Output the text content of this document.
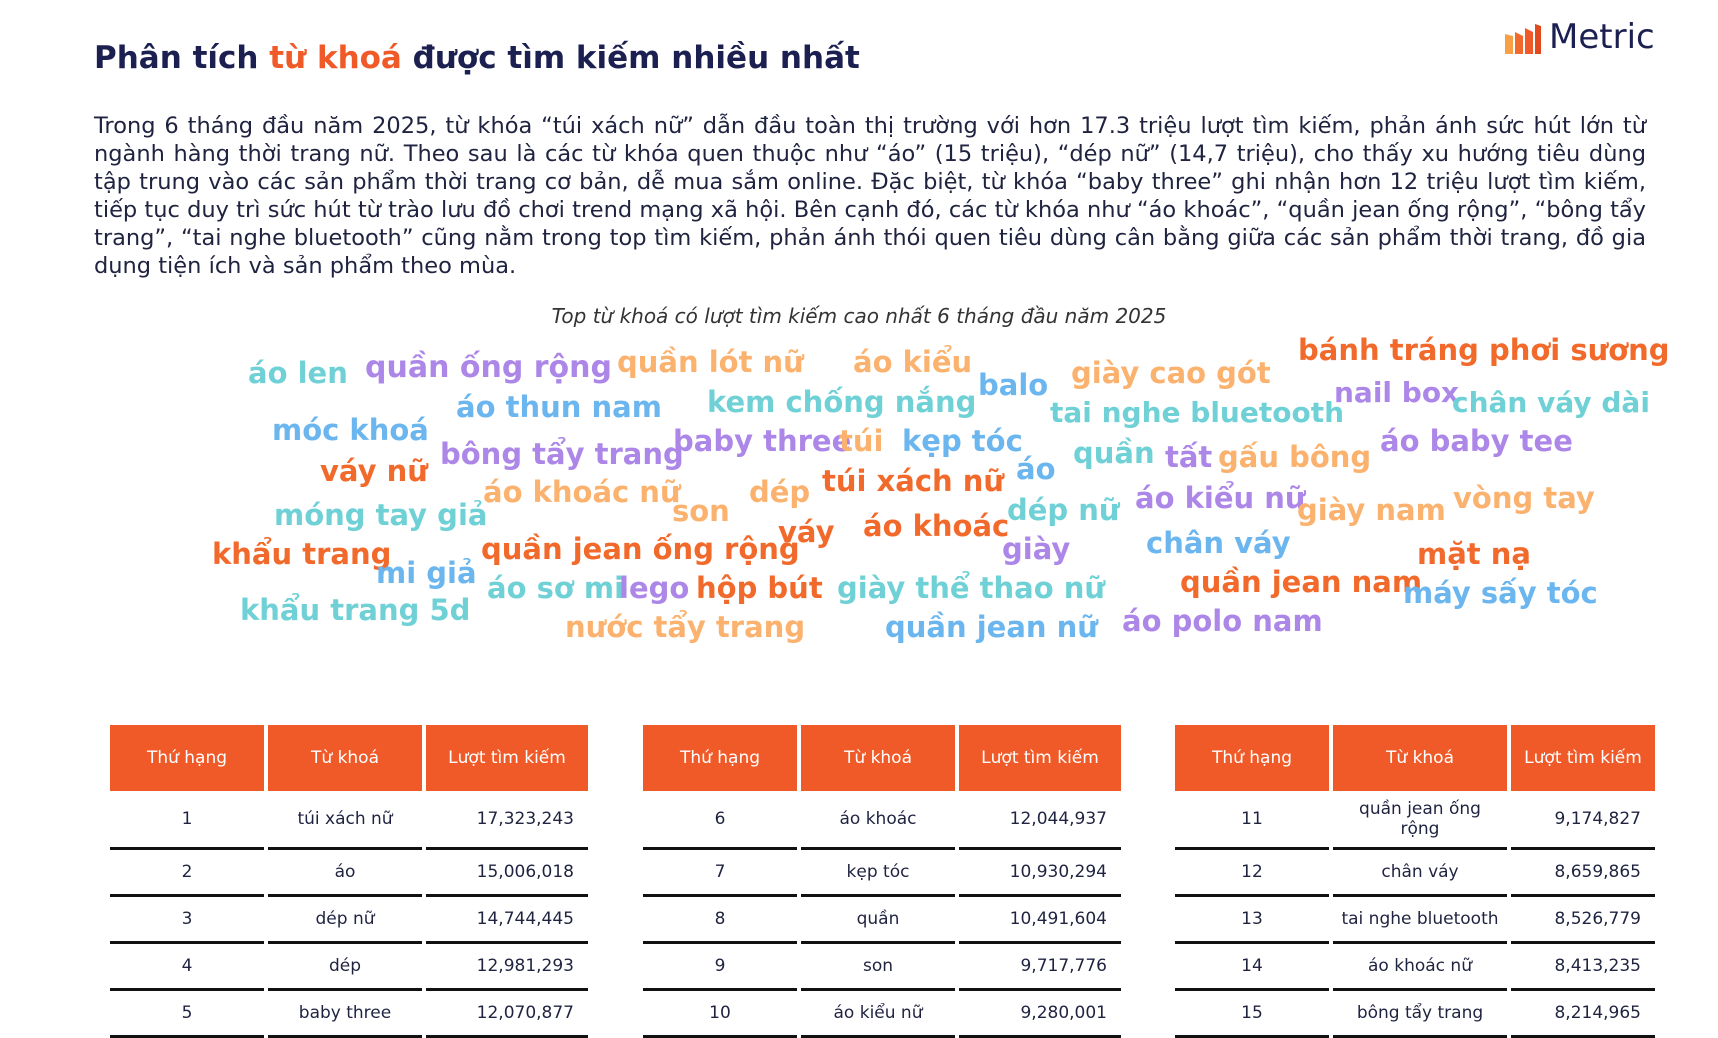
Phân tích từ khoá được tìm kiếm nhiều nhất
Metric

Trong 6 tháng đầu năm 2025, từ khóa “túi xách nữ” dẫn đầu toàn thị trường với hơn 17.3 triệu lượt tìm kiếm, phản ánh sức hút lớn từ ngành hàng thời trang nữ. Theo sau là các từ khóa quen thuộc như “áo” (15 triệu), “dép nữ” (14,7 triệu), cho thấy xu hướng tiêu dùng tập trung vào các sản phẩm thời trang cơ bản, dễ mua sắm online. Đặc biệt, từ khóa “baby three” ghi nhận hơn 12 triệu lượt tìm kiếm, tiếp tục duy trì sức hút từ trào lưu đồ chơi trend mạng xã hội. Bên cạnh đó, các từ khóa như “áo khoác”, “quần jean ống rộng”, “bông tẩy trang”, “tai nghe bluetooth” cũng nằm trong top tìm kiếm, phản ánh thói quen tiêu dùng cân bằng giữa các sản phẩm thời trang, đồ gia dụng tiện ích và sản phẩm theo mùa.

Top từ khoá có lượt tìm kiếm cao nhất 6 tháng đầu năm 2025
áo len quần ống rộng quần lót nữ áo kiểu
balo giày cao gót
bánh tráng phơi sương
nail box
chân váy dài
áo thun nam kem chống nắng	tai nghe bluetooth
móc khoá
bông tẩy trang
baby three
túi kẹp tóc
áo quần tất gấu bông áo baby tee
váy nữ	túi xách nữ
áo khoác nữ
son
dép
dép nữ áo kiểu nữ
giày nam vòng tay
móng tay giả	váy áo khoác
giày	chân váy	mặt nạ
khẩu trang	quần jean ống rộng
mi giả áo sơ mi
lego hộp bút giày thể thao nữ	quần jean nam
máy sấy tóc
khẩu trang 5d	nước tẩy trang	quần jean nữ áo polo nam
Thứ hạng	Từ khoá	Lượt tìm kiếm
1	túi xách nữ	17,323,243
2	áo	15,006,018
3	dép nữ	14,744,445
4	dép	12,981,293
5	baby three	12,070,877
Thứ hạng	Từ khoá	Lượt tìm kiếm
6	áo khoác	12,044,937
7	kẹp tóc	10,930,294
8	quần	10,491,604
9	son	9,717,776
10	áo kiểu nữ	9,280,001
Thứ hạng	Từ khoá	Lượt tìm kiếm
11	quần jean ống rộng	9,174,827
12	chân váy	8,659,865
13	tai nghe bluetooth	8,526,779
14	áo khoác nữ	8,413,235
15	bông tẩy trang	8,214,965
